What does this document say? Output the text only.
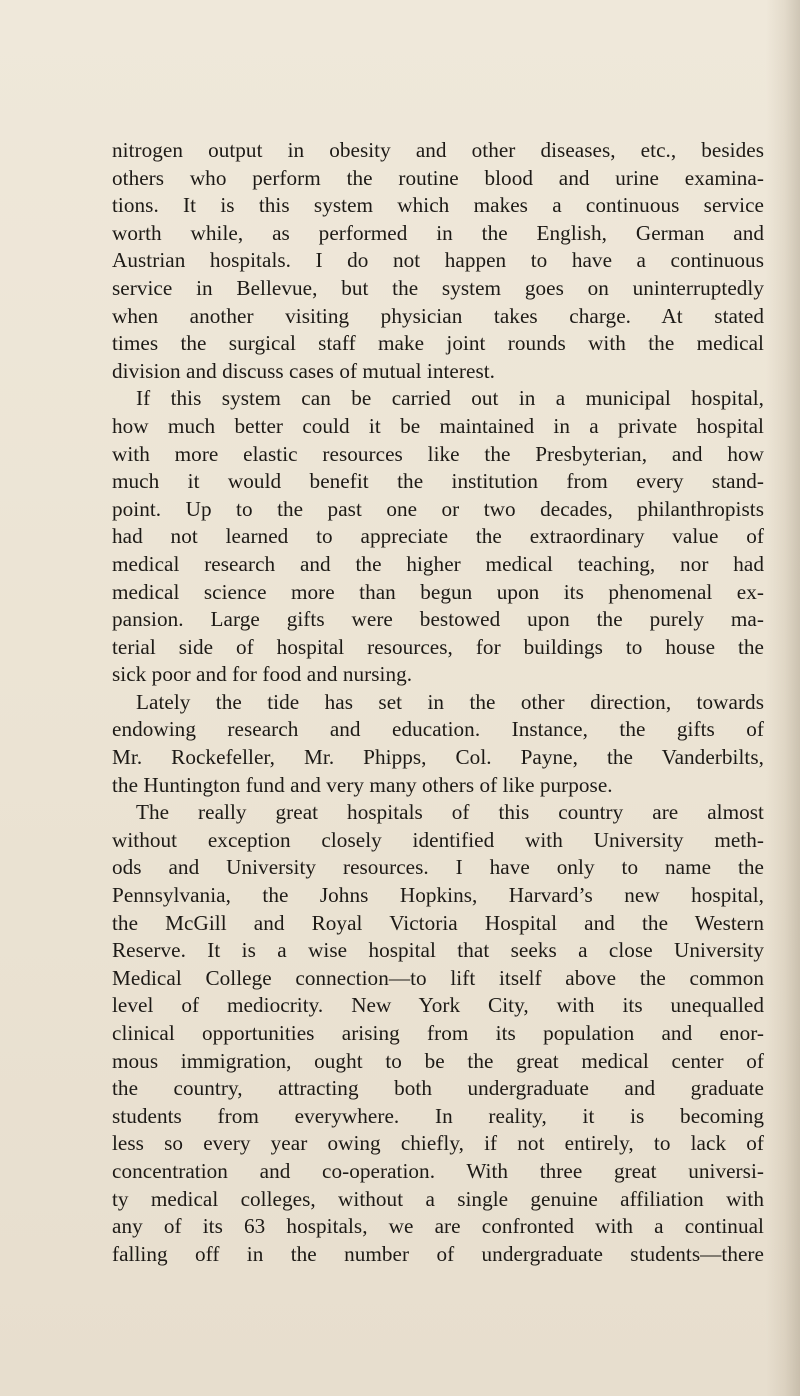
nitrogen output in obesity and other diseases, etc., besides
others who perform the routine blood and urine examina-
tions. It is this system which makes a continuous service
worth while, as performed in the English, German and
Austrian hospitals. I do not happen to have a continuous
service in Bellevue, but the system goes on uninterruptedly
when another visiting physician takes charge. At stated
times the surgical staff make joint rounds with the medical
division and discuss cases of mutual interest.
If this system can be carried out in a municipal hospital,
how much better could it be maintained in a private hospital
with more elastic resources like the Presbyterian, and how
much it would benefit the institution from every stand-
point. Up to the past one or two decades, philanthropists
had not learned to appreciate the extraordinary value of
medical research and the higher medical teaching, nor had
medical science more than begun upon its phenomenal ex-
pansion. Large gifts were bestowed upon the purely ma-
terial side of hospital resources, for buildings to house the
sick poor and for food and nursing.
Lately the tide has set in the other direction, towards
endowing research and education. Instance, the gifts of
Mr. Rockefeller, Mr. Phipps, Col. Payne, the Vanderbilts,
the Huntington fund and very many others of like purpose.
The really great hospitals of this country are almost
without exception closely identified with University meth-
ods and University resources. I have only to name the
Pennsylvania, the Johns Hopkins, Harvard’s new hospital,
the McGill and Royal Victoria Hospital and the Western
Reserve. It is a wise hospital that seeks a close University
Medical College connection—to lift itself above the common
level of mediocrity. New York City, with its unequalled
clinical opportunities arising from its population and enor-
mous immigration, ought to be the great medical center of
the country, attracting both undergraduate and graduate
students from everywhere. In reality, it is becoming
less so every year owing chiefly, if not entirely, to lack of
concentration and co-operation. With three great universi-
ty medical colleges, without a single genuine affiliation with
any of its 63 hospitals, we are confronted with a continual
falling off in the number of undergraduate students—there
